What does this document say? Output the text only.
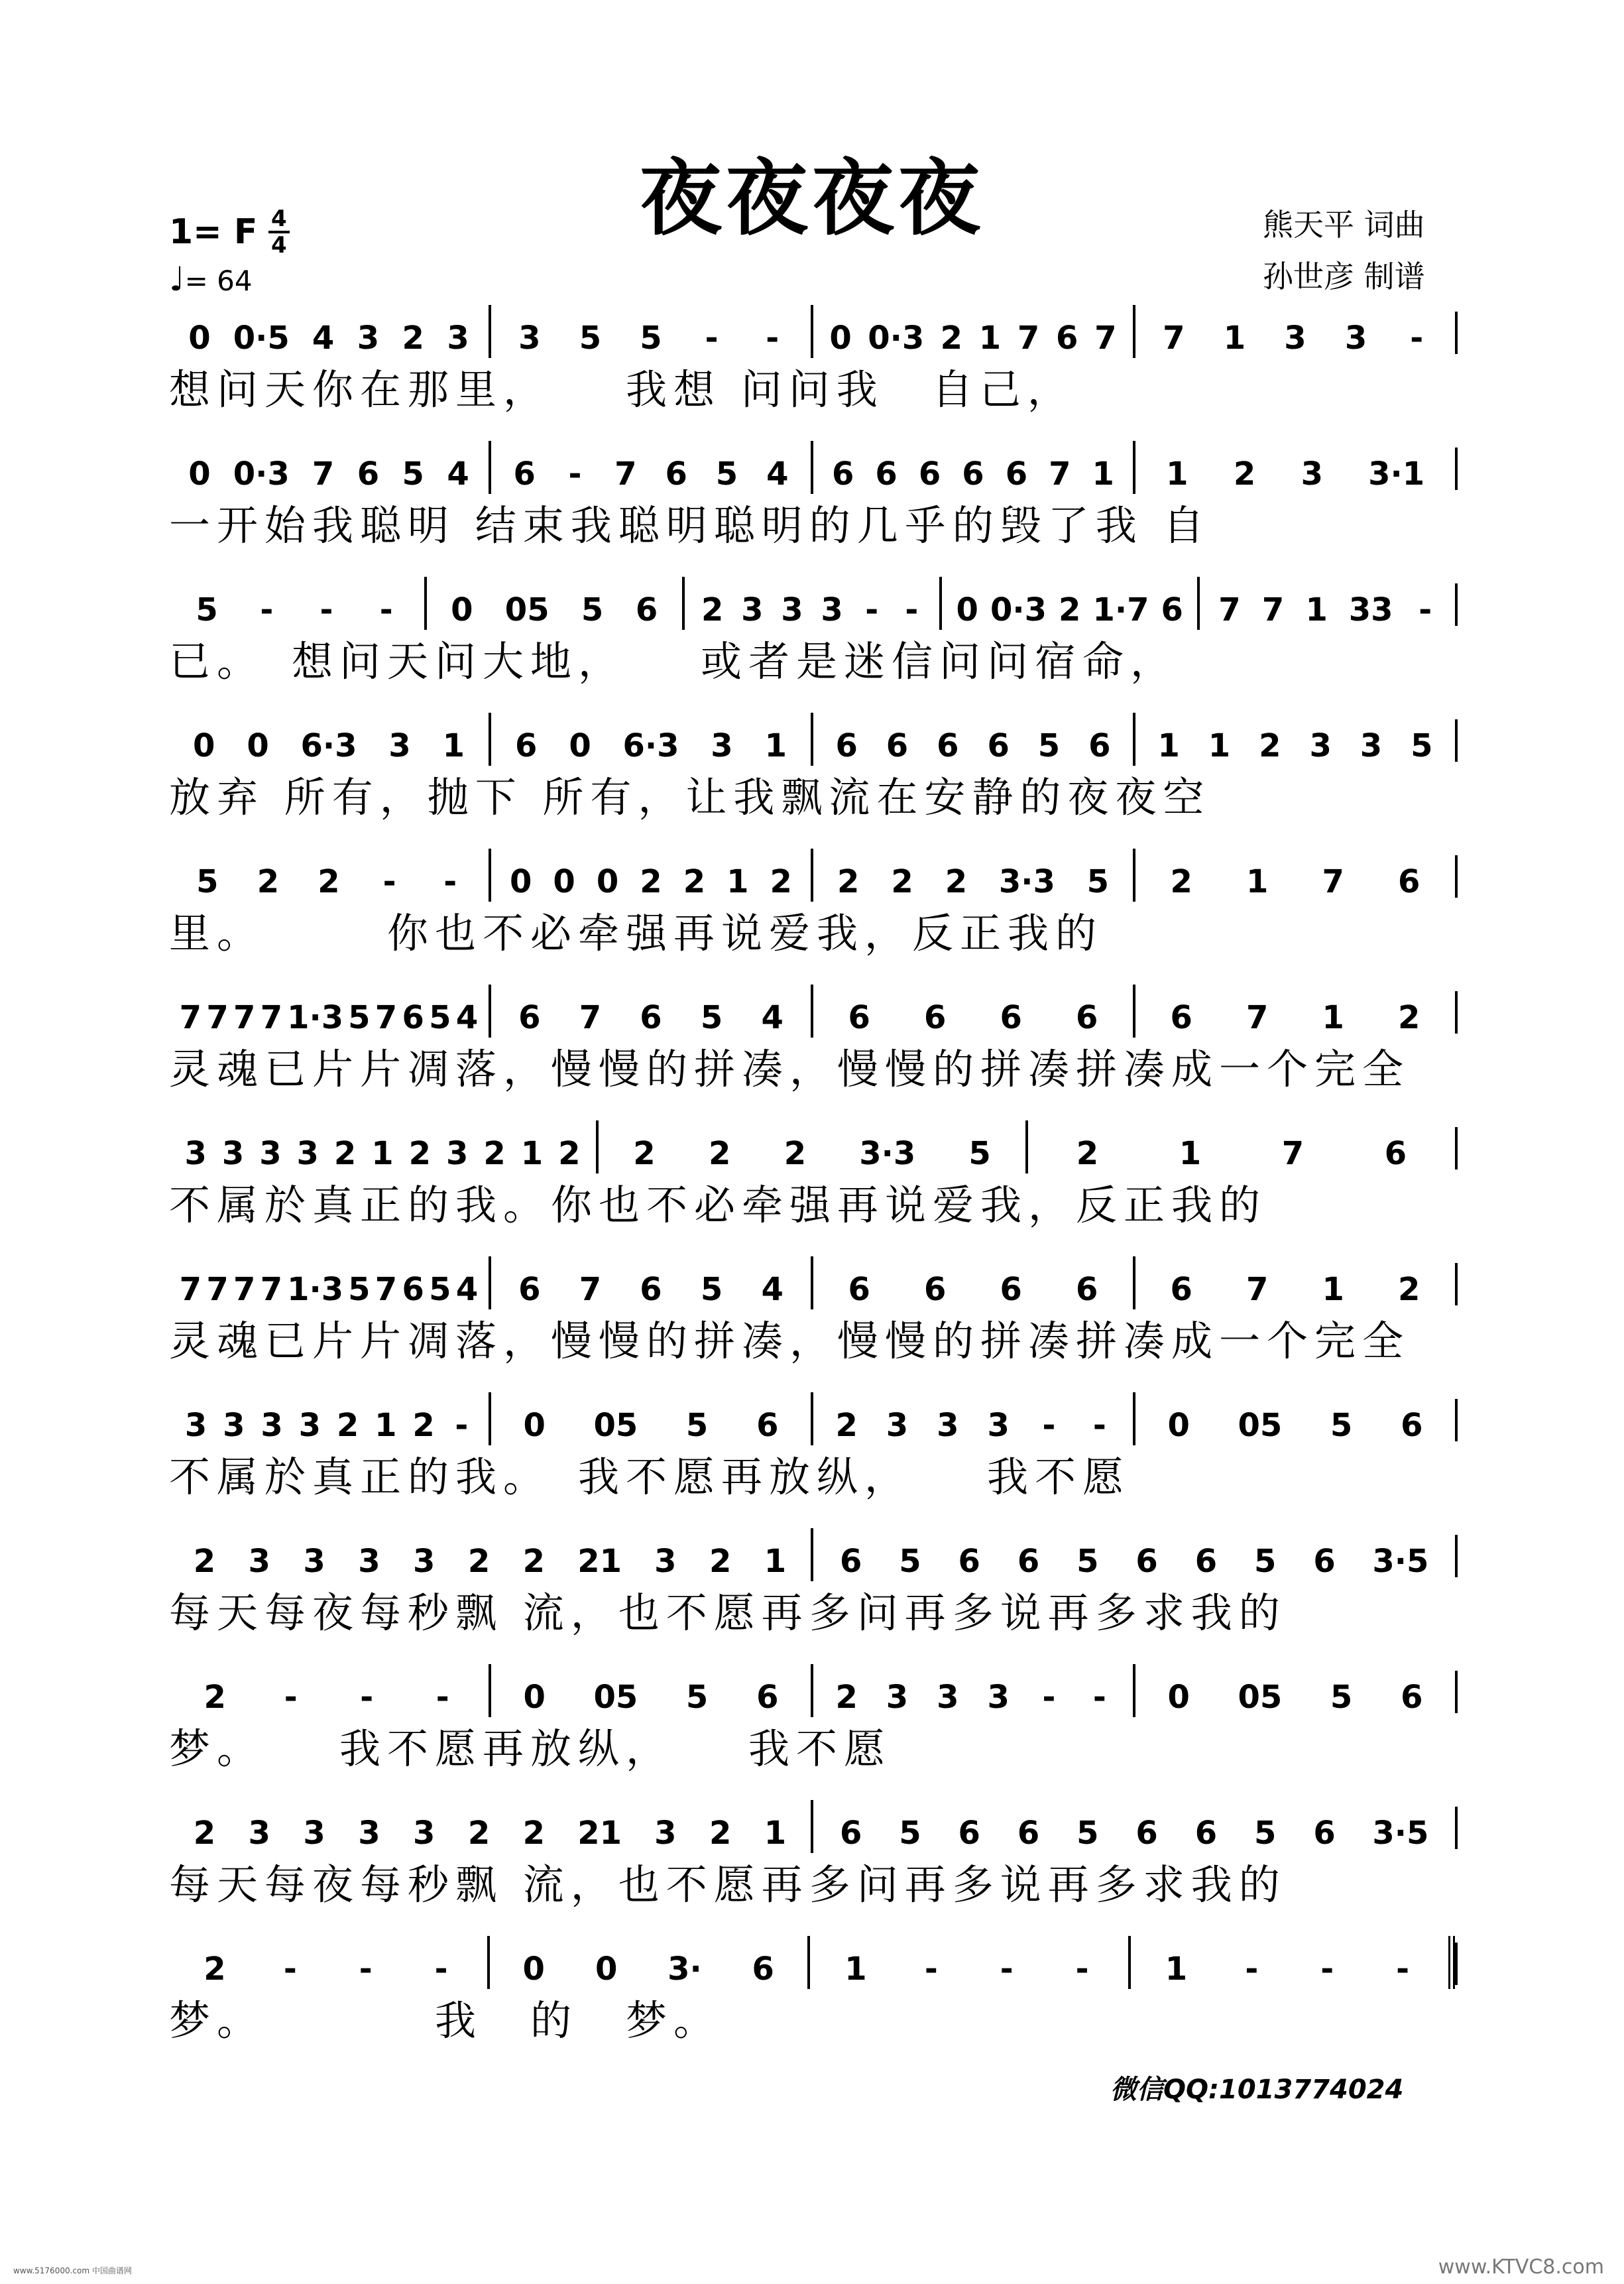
夜夜夜夜	熊天平 词曲
孙世彦 制谱
1= F 4
4
♩= 64
0 0·5 4 3 2 3 3 5 5 - - 0 0·3 2 1 7 6 7 7 1 3 3 -
想问天你在那里，　　我想 问问我　自己，
0 0·3 7 6 5 4 6 - 7 6 5 4 6 6 6 6 6 7 1 1 2 3 3·1
一开始我聪明 结束我聪明聪明的几乎的毁了我 自
5 - - - 0 05 5 6 2 3 3 3 - - 0 0·3 2 1·7 6 7 7 1 33 -
已。　想问天问大地，　　或者是迷信问问宿命，
0 0 6·3 3 1 6 0 6·3 3 1 6 6 6 6 5 6 1 1 2 3 3 5
放弃 所有，抛下 所有，让我飘流在安静的夜夜空
5 2 2 - - 0 0 0 2 2 1 2 2 2 2 3·3 5 2 1 7 6
里。　　　你也不必牵强再说爱我，反正我的
7 7 7 7 1·3 5 7 6 5 4 6 7 6 5 4 6 6 6 6 6 7 1 2
灵魂已片片凋落，慢慢的拼凑，慢慢的拼凑拼凑成一个完全
3 3 3 3 2 1 2 3 2 1 2 2 2 2 3·3 5	2	1	7	6
不属於真正的我。你也不必牵强再说爱我，反正我的
7 7 7 7 1·3 5 7 6 5 4 6 7 6 5 4 6 6 6 6 6 7 1 2
灵魂已片片凋落，慢慢的拼凑，慢慢的拼凑拼凑成一个完全
3 3 3 3 2 1 2 - 0 05 5 6 2 3 3 3 - - 0 05 5 6
不属於真正的我。　我不愿再放纵，　　我不愿
2 3 3 3 3 2 2 21 3 2 1 6 5 6 6 5 6 6 5 6 3·5
每天每夜每秒飘 流，也不愿再多问再多说再多求我的
2 - - - 0 05 5 6 2 3 3 3 - - 0 05 5 6
梦。　　我不愿再放纵，　　我不愿
2 3 3 3 3 2 2 21 3 2 1 6 5 6 6 5 6 6 5 6 3·5
每天每夜每秒飘 流，也不愿再多问再多说再多求我的
2 - - - 0 0 3· 6 1 - - - 1 - - -
梦。　　　　我　的　梦。
微信QQ:1013774024
www.5176000.com 中国曲谱网	www.KTVC8.com
